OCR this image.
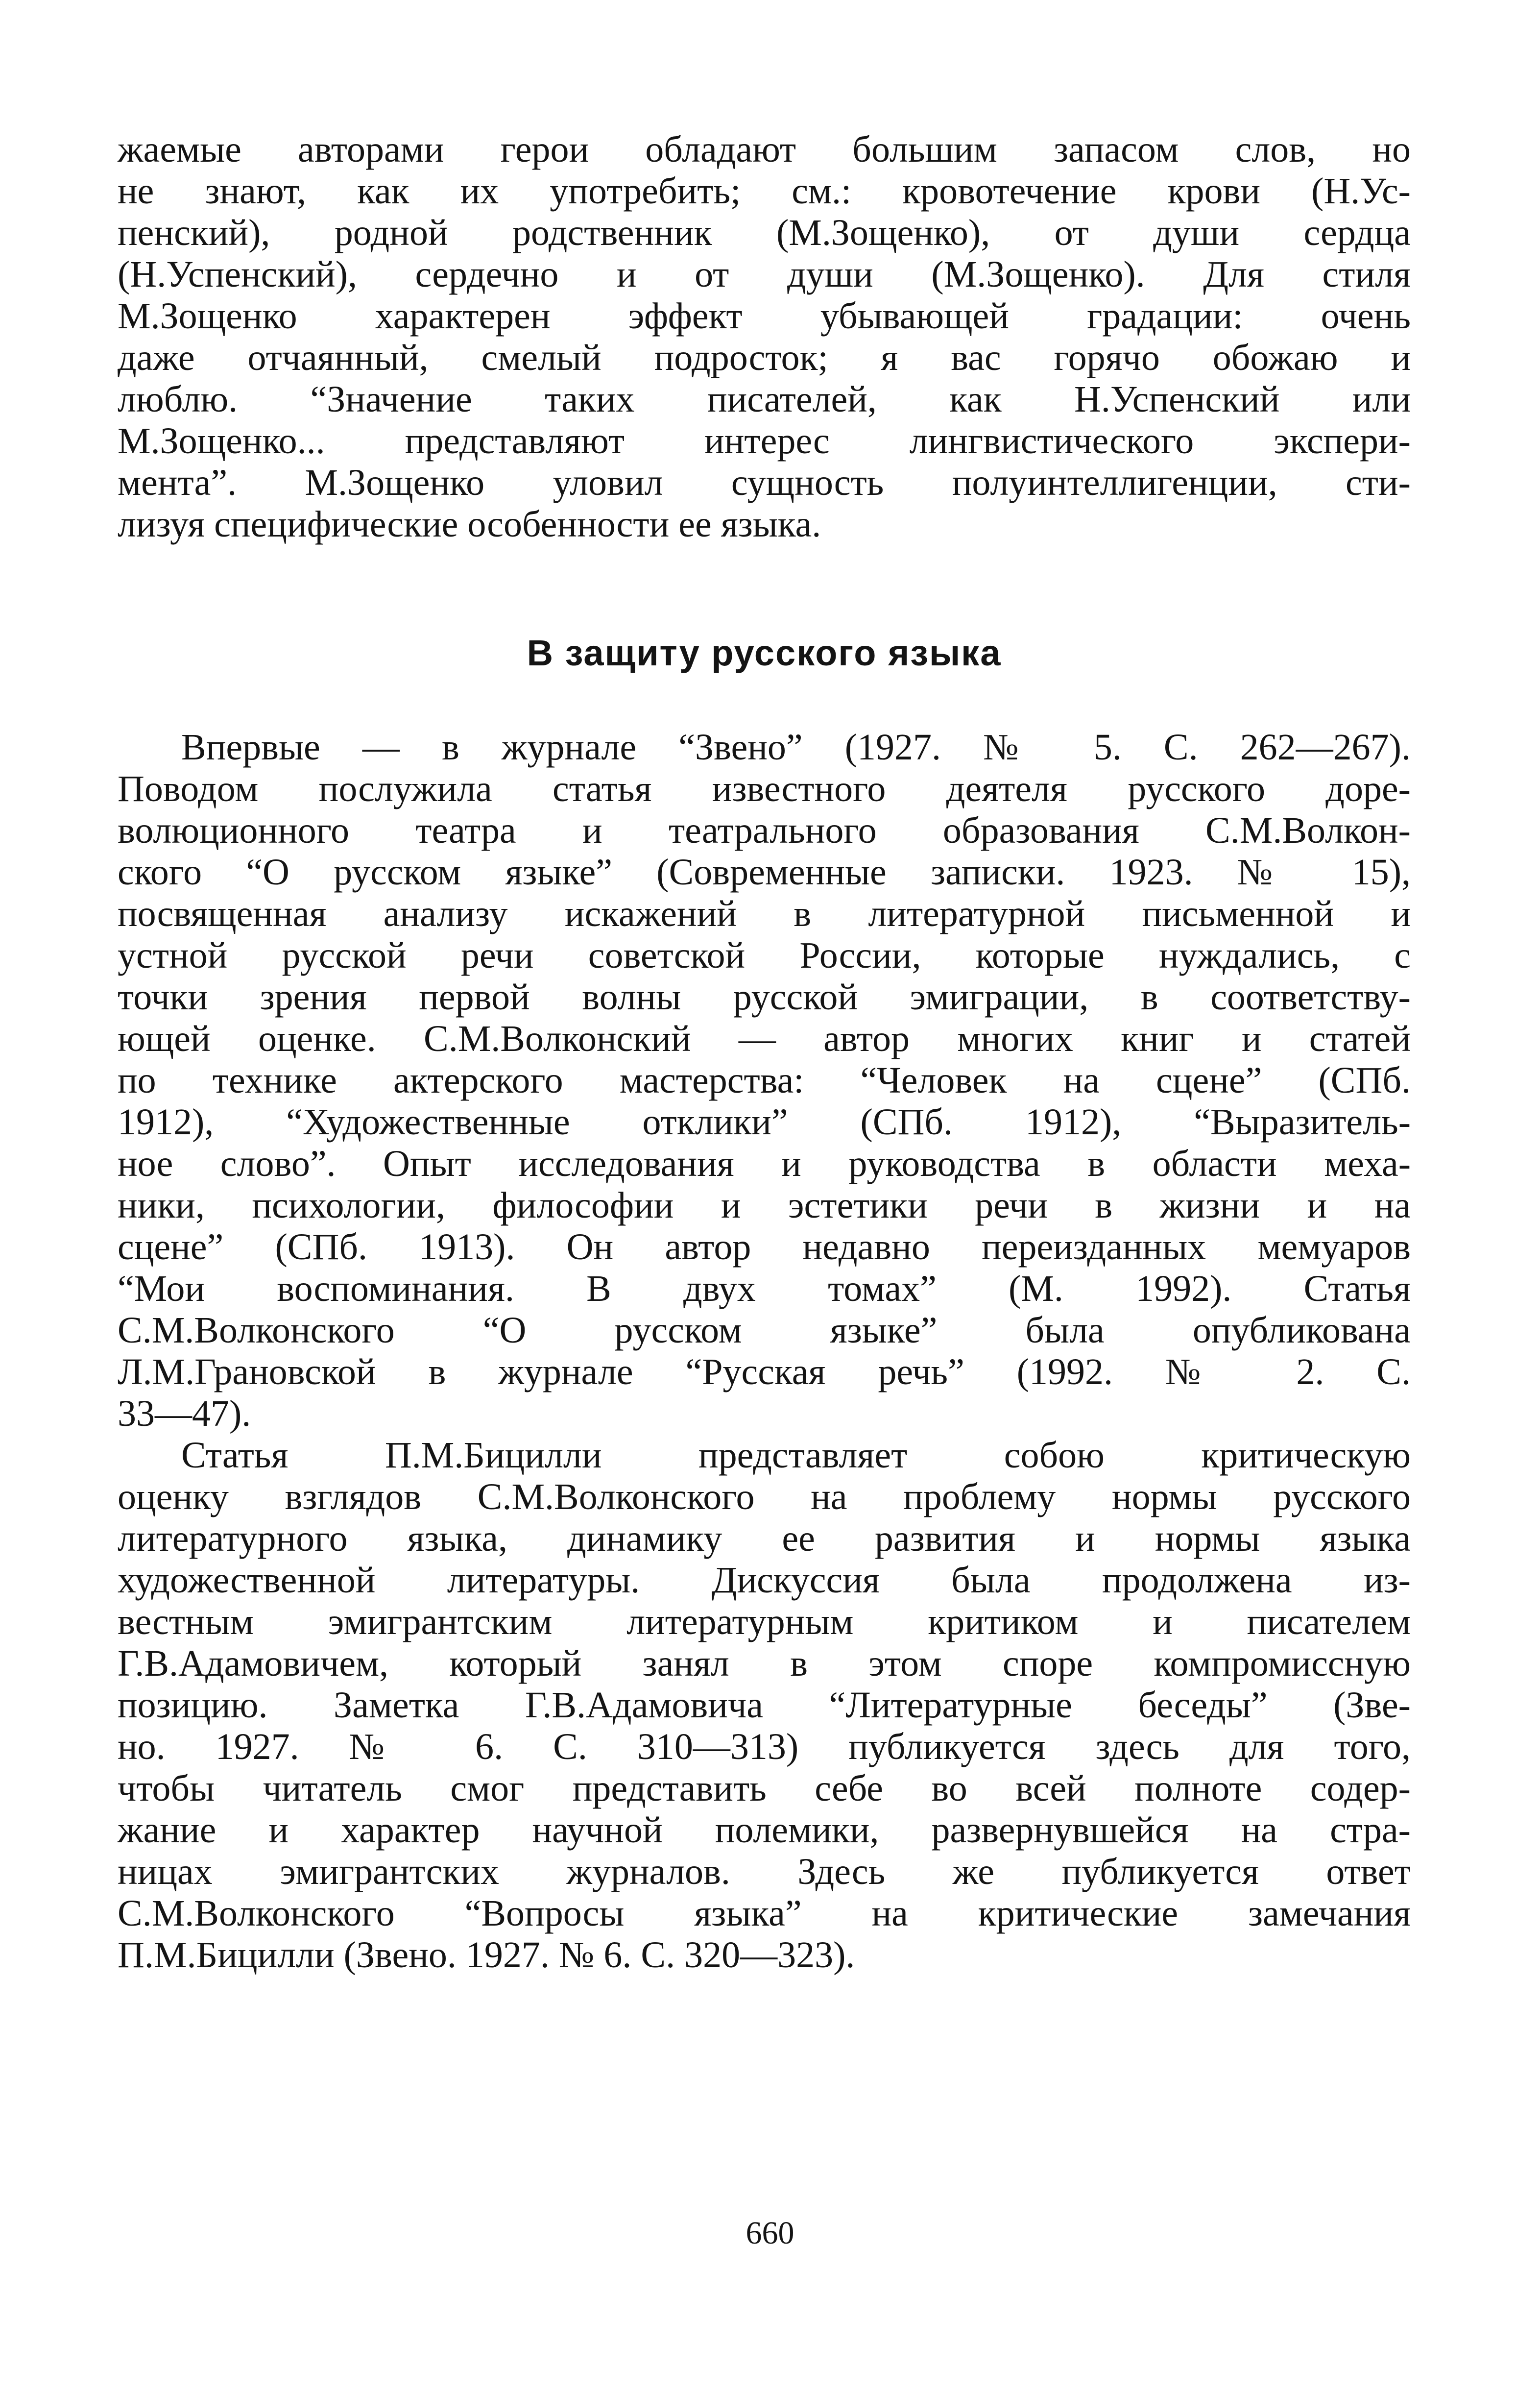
жаемые авторами герои обладают большим запасом слов, но
не знают, как их употребить; см.: кровотечение крови (Н.Ус-
пенский), родной родственник (М.Зощенко), от души сердца
(Н.Успенский), сердечно и от души (М.Зощенко). Для стиля
М.Зощенко характерен эффект убывающей градации: очень
даже отчаянный, смелый подросток; я вас горячо обожаю и
люблю. “Значение таких писателей, как Н.Успенский или
М.Зощенко... представляют интерес лингвистического экспери-
мента”. М.Зощенко уловил сущность полуинтеллигенции, сти-
лизуя специфические особенности ее языка.
В защиту русского языка
Впервые — в журнале “Звено” (1927. № 5. С. 262—267).
Поводом послужила статья известного деятеля русского доре-
волюционного театра и театрального образования С.М.Волкон-
ского “О русском языке” (Современные записки. 1923. № 15),
посвященная анализу искажений в литературной письменной и
устной русской речи советской России, которые нуждались, с
точки зрения первой волны русской эмиграции, в соответству-
ющей оценке. С.М.Волконский — автор многих книг и статей
по технике актерского мастерства: “Человек на сцене” (СПб.
1912), “Художественные отклики” (СПб. 1912), “Выразитель-
ное слово”. Опыт исследования и руководства в области меха-
ники, психологии, философии и эстетики речи в жизни и на
сцене” (СПб. 1913). Он автор недавно переизданных мемуаров
“Мои воспоминания. В двух томах” (М. 1992). Статья
С.М.Волконского “О русском языке” была опубликована
Л.М.Грановской в журнале “Русская речь” (1992. № 2. С.
33—47).
Статья П.М.Бицилли представляет собою критическую
оценку взглядов С.М.Волконского на проблему нормы русского
литературного языка, динамику ее развития и нормы языка
художественной литературы. Дискуссия была продолжена из-
вестным эмигрантским литературным критиком и писателем
Г.В.Адамовичем, который занял в этом споре компромиссную
позицию. Заметка Г.В.Адамовича “Литературные беседы” (Зве-
но. 1927. № 6. С. 310—313) публикуется здесь для того,
чтобы читатель смог представить себе во всей полноте содер-
жание и характер научной полемики, развернувшейся на стра-
ницах эмигрантских журналов. Здесь же публикуется ответ
С.М.Волконского “Вопросы языка” на критические замечания
П.М.Бицилли (Звено. 1927. № 6. С. 320—323).
660
